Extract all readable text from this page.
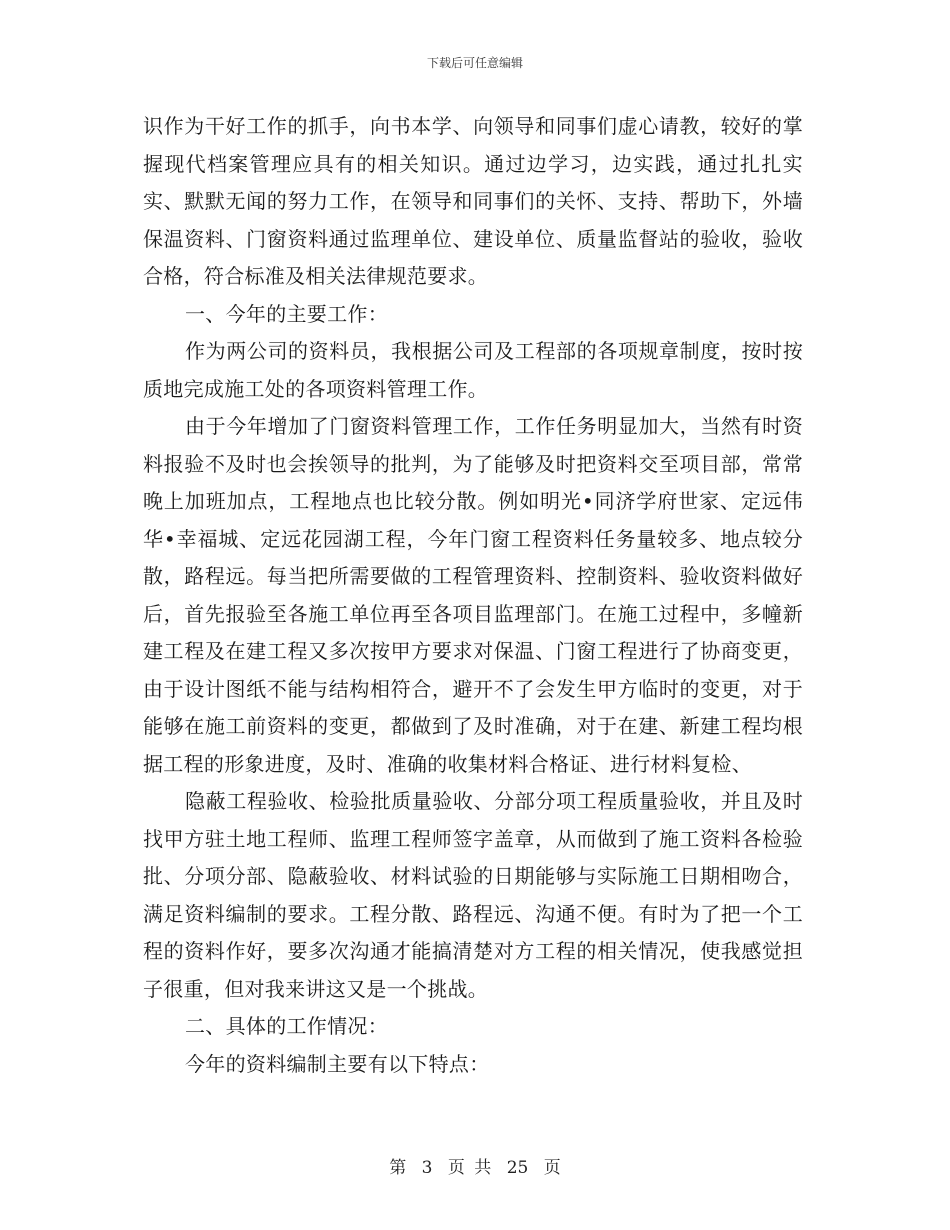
下载后可任意编辑

识作为干好工作的抓手，向书本学、向领导和同事们虚心请教，较好的掌握现代档案管理应具有的相关知识。通过边学习，边实践，通过扎扎实实、默默无闻的努力工作，在领导和同事们的关怀、支持、帮助下，外墙保温资料、门窗资料通过监理单位、建设单位、质量监督站的验收，验收合格，符合标准及相关法律规范要求。

一、今年的主要工作：

作为两公司的资料员，我根据公司及工程部的各项规章制度，按时按质地完成施工处的各项资料管理工作。

由于今年增加了门窗资料管理工作，工作任务明显加大，当然有时资料报验不及时也会挨领导的批判，为了能够及时把资料交至项目部，常常晚上加班加点，工程地点也比较分散。例如明光•同济学府世家、定远伟华•幸福城、定远花园湖工程，今年门窗工程资料任务量较多、地点较分散，路程远。每当把所需要做的工程管理资料、控制资料、验收资料做好后，首先报验至各施工单位再至各项目监理部门。在施工过程中，多幢新建工程及在建工程又多次按甲方要求对保温、门窗工程进行了协商变更，由于设计图纸不能与结构相符合，避开不了会发生甲方临时的变更，对于能够在施工前资料的变更，都做到了及时准确，对于在建、新建工程均根据工程的形象进度，及时、准确的收集材料合格证、进行材料复检、

隐蔽工程验收、检验批质量验收、分部分项工程质量验收，并且及时找甲方驻土地工程师、监理工程师签字盖章，从而做到了施工资料各检验批、分项分部、隐蔽验收、材料试验的日期能够与实际施工日期相吻合，满足资料编制的要求。工程分散、路程远、沟通不便。有时为了把一个工程的资料作好，要多次沟通才能搞清楚对方工程的相关情况，使我感觉担子很重，但对我来讲这又是一个挑战。

二、具体的工作情况：

今年的资料编制主要有以下特点：

第 3 页 共 25 页
